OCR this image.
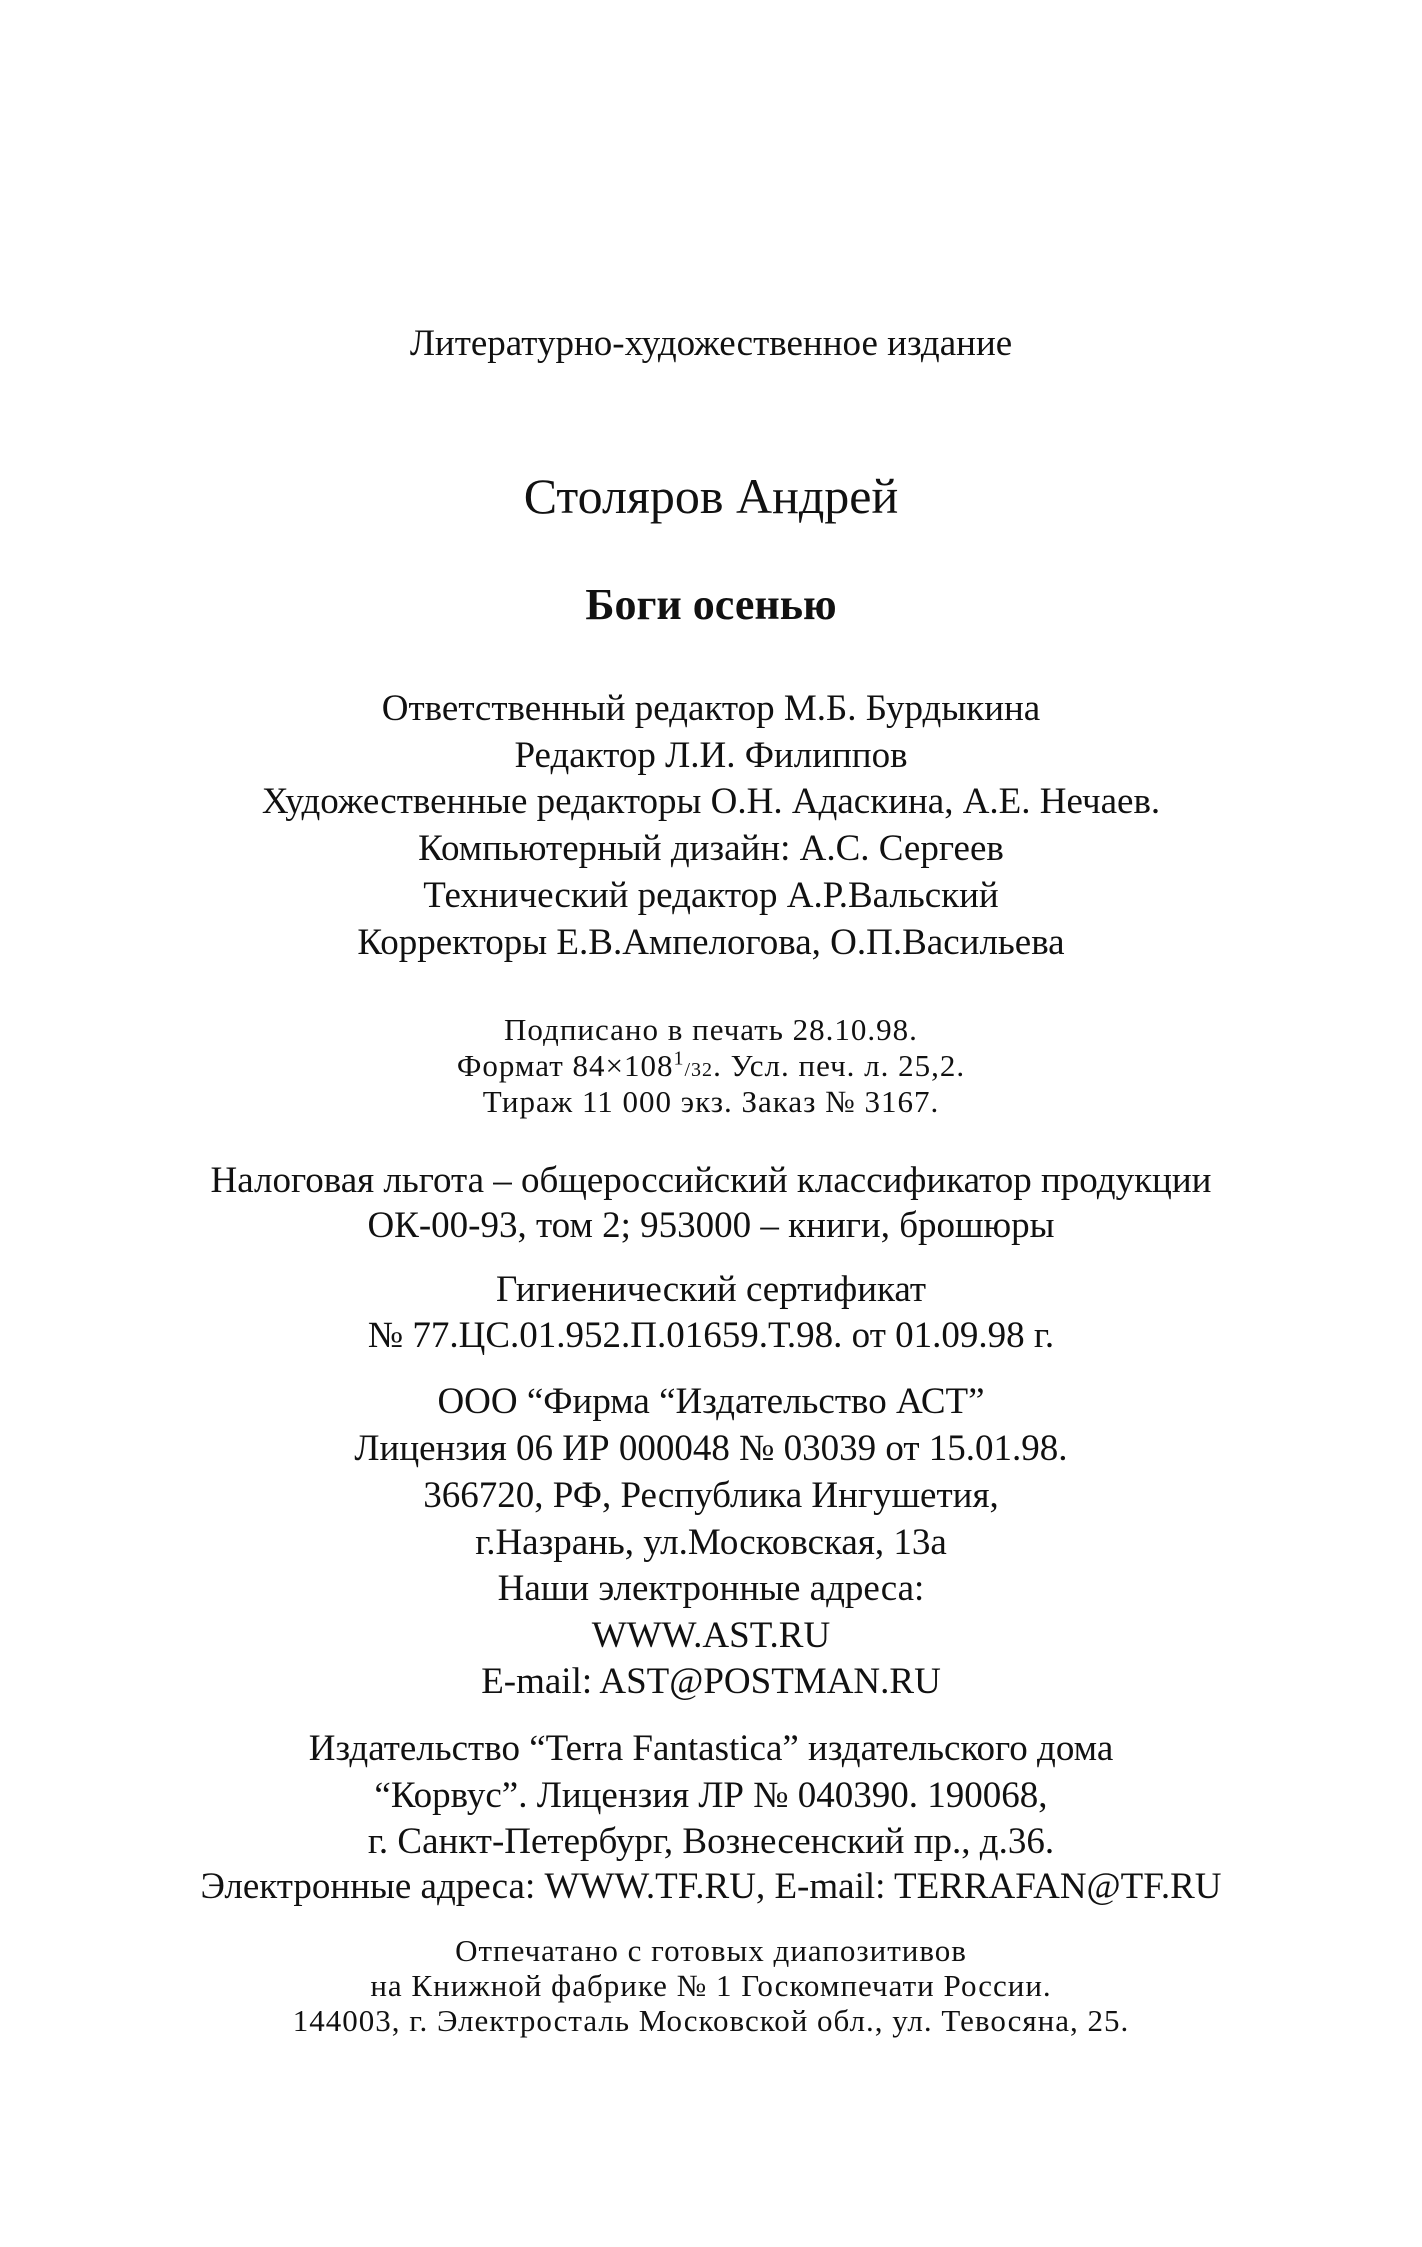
Литературно-художественное издание
Столяров Андрей
Боги осенью
Ответственный редактор М.Б. Бурдыкина
Редактор Л.И. Филиппов
Художественные редакторы О.Н. Адаскина, А.Е. Нечаев.
Компьютерный дизайн: А.С. Сергеев
Технический редактор А.Р.Вальский
Корректоры Е.В.Ампелогова, О.П.Васильева
Подписано в печать 28.10.98.
Формат $84\times 108^1/32$. Усл. печ. л. 25,2.
Тираж 11 000 экз. Заказ № 3167.
Налоговая льгота – общероссийский классификатор продукции
ОК-00-93, том 2; 953000 – книги, брошюры
Гигиенический сертификат
№ 77.ЦС.01.952.П.01659.Т.98. от 01.09.98 г.
ООО “Фирма “Издательство АСТ”
Лицензия 06 ИР 000048 № 03039 от 15.01.98.
366720, РФ, Республика Ингушетия,
г.Назрань, ул.Московская, 13а
Наши электронные адреса:
WWW.AST.RU
E-mail: AST@POSTMAN.RU
Издательство “Terra Fantastica” издательского дома
“Корвус”. Лицензия ЛР № 040390. 190068,
г. Санкт-Петербург, Вознесенский пр., д.36.
Электронные адреса: WWW.TF.RU, E-mail: TERRAFAN@TF.RU
Отпечатано с готовых диапозитивов
на Книжной фабрике № 1 Госкомпечати России.
144003, г. Электросталь Московской обл., ул. Тевосяна, 25.
